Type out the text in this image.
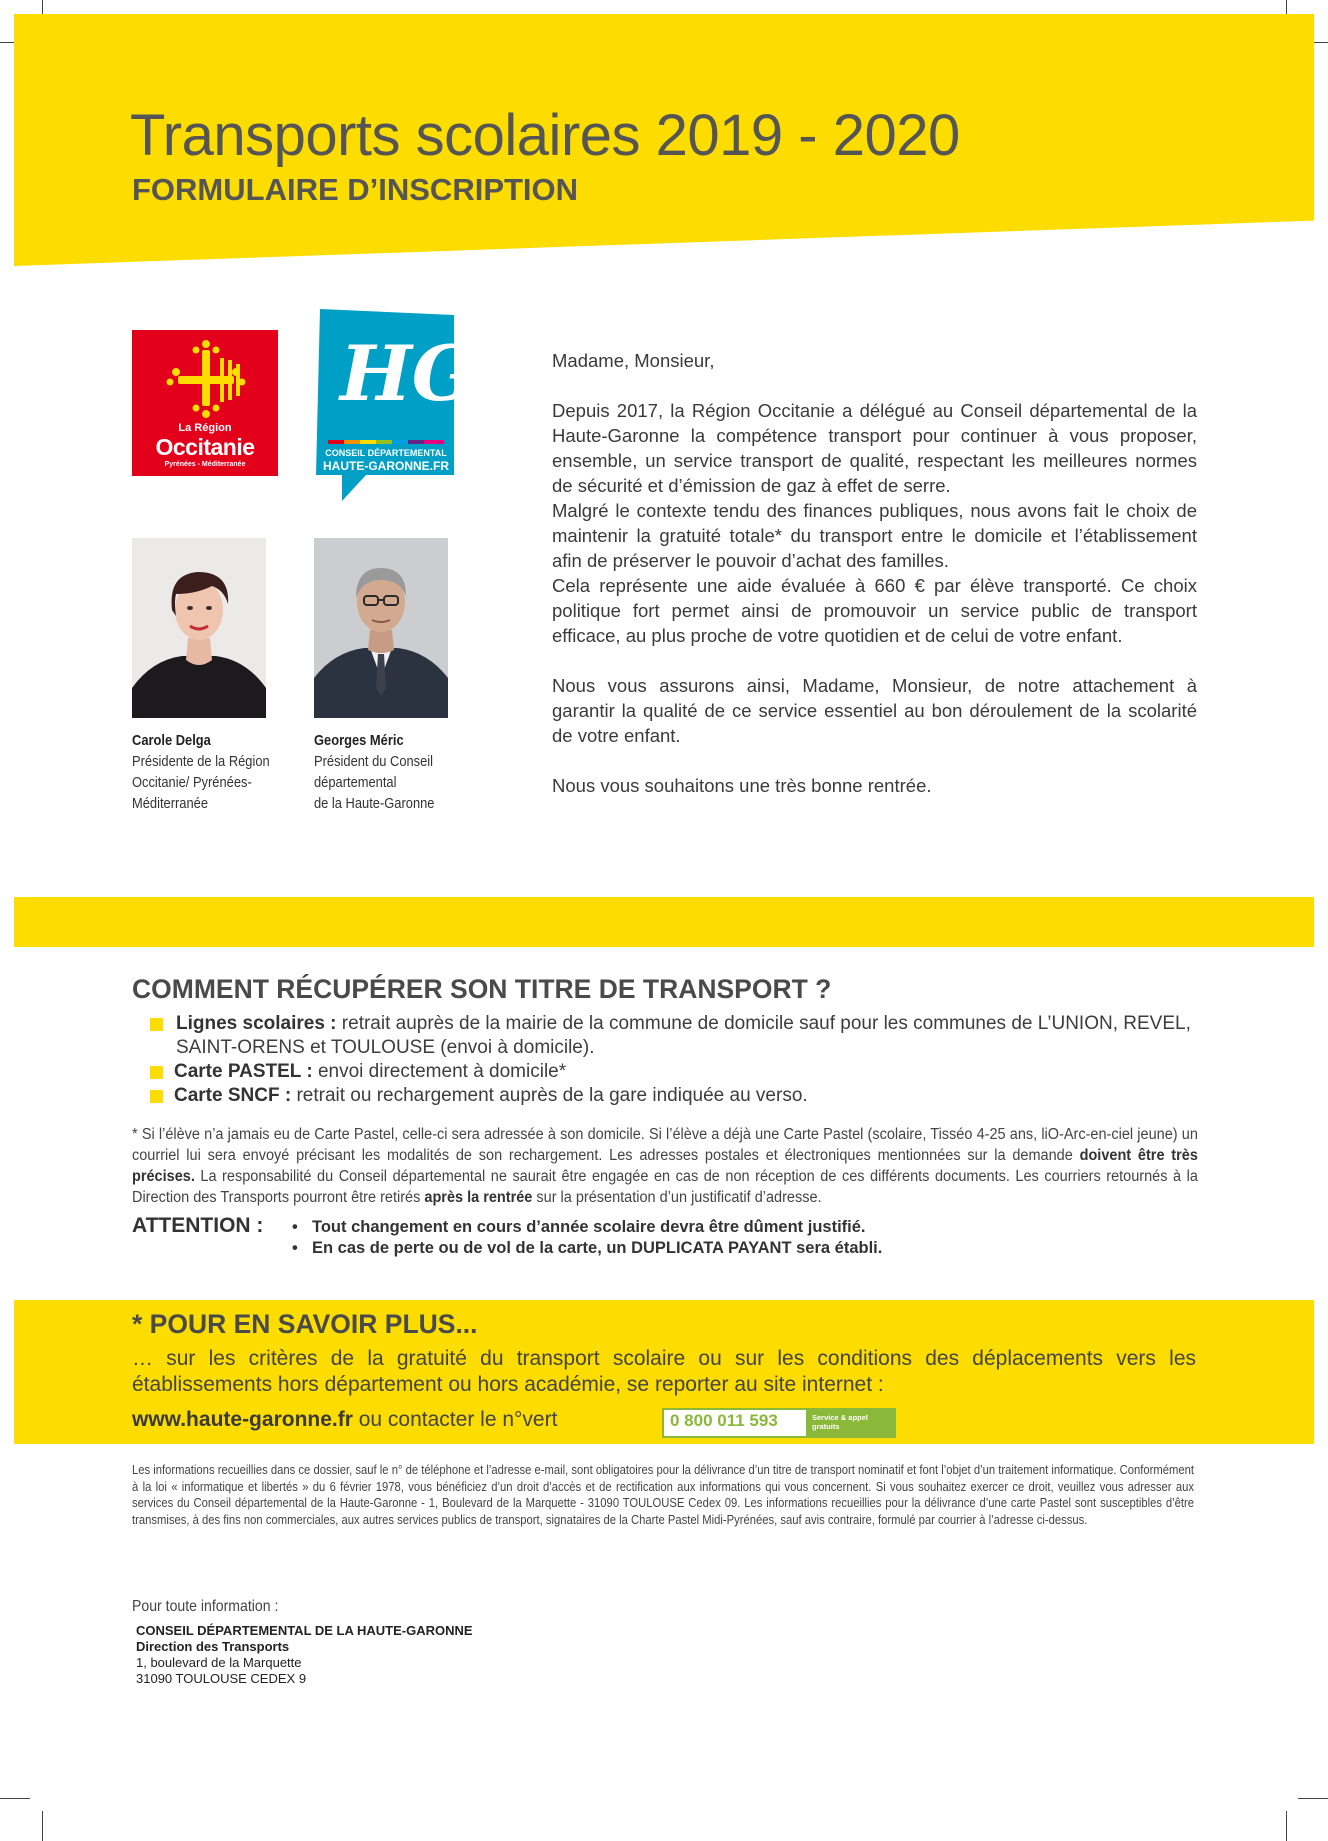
Transports scolaires 2019 - 2020
FORMULAIRE D’INSCRIPTION
La Région
Occitanie
Pyrénées - Méditerranée
HG
CONSEIL DÉPARTEMENTAL
HAUTE-GARONNE.FR
Carole Delga
Présidente de la Région
Occitanie/ Pyrénées-
Méditerranée
Georges Méric
Président du Conseil
départemental
de la Haute-Garonne

Madame, Monsieur,

Depuis 2017, la Région Occitanie a délégué au Conseil départemental de la Haute-Garonne la compétence transport pour continuer à vous proposer, ensemble, un service transport de qualité, respectant les meilleures normes de sécurité et d’émission de gaz à effet de serre.

Malgré le contexte tendu des finances publiques, nous avons fait le choix de maintenir la gratuité totale* du transport entre le domicile et l’établissement afin de préserver le pouvoir d’achat des familles.

Cela représente une aide évaluée à 660 € par élève transporté. Ce choix politique fort permet ainsi de promouvoir un service public de transport efficace, au plus proche de votre quotidien et de celui de votre enfant.

Nous vous assurons ainsi, Madame, Monsieur, de notre attachement à garantir la qualité de ce service essentiel au bon déroulement de la scolarité de votre enfant.

Nous vous souhaitons une très bonne rentrée.

COMMENT RÉCUPÉRER SON TITRE DE TRANSPORT ?
Lignes scolaires : retrait auprès de la mairie de la commune de domicile sauf pour les communes de L’UNION, REVEL, SAINT-ORENS et TOULOUSE (envoi à domicile).
Carte PASTEL : envoi directement à domicile*
Carte SNCF : retrait ou rechargement auprès de la gare indiquée au verso.
* Si l’élève n’a jamais eu de Carte Pastel, celle-ci sera adressée à son domicile. Si l’élève a déjà une Carte Pastel (scolaire, Tisséo 4-25 ans, liO-Arc-en-ciel jeune) un courriel lui sera envoyé précisant les modalités de son rechargement. Les adresses postales et électroniques mentionnées sur la demande doivent être très précises. La responsabilité du Conseil départemental ne saurait être engagée en cas de non réception de ces différents documents. Les courriers retournés à la Direction des Transports pourront être retirés après la rentrée sur la présentation d’un justificatif d’adresse.
ATTENTION : • Tout changement en cours d’année scolaire devra être dûment justifié.
• En cas de perte ou de vol de la carte, un DUPLICATA PAYANT sera établi.
* POUR EN SAVOIR PLUS...
… sur les critères de la gratuité du transport scolaire ou sur les conditions des déplacements vers les établissements hors département ou hors académie, se reporter au site internet :
www.haute-garonne.fr ou contacter le n°vert	0 800 011 593	Service & appel gratuits
Les informations recueillies dans ce dossier, sauf le n° de téléphone et l’adresse e-mail, sont obligatoires pour la délivrance d’un titre de transport nominatif et font l’objet d’un traitement informatique. Conformément à la loi « informatique et libertés » du 6 février 1978, vous bénéficiez d’un droit d’accès et de rectification aux informations qui vous concernent. Si vous souhaitez exercer ce droit, veuillez vous adresser aux services du Conseil départemental de la Haute-Garonne - 1, Boulevard de la Marquette - 31090 TOULOUSE Cedex 09. Les informations recueillies pour la délivrance d’une carte Pastel sont susceptibles d’être transmises, à des fins non commerciales, aux autres services publics de transport, signataires de la Charte Pastel Midi-Pyrénées, sauf avis contraire, formulé par courrier à l’adresse ci-dessus.
Pour toute information :
CONSEIL DÉPARTEMENTAL DE LA HAUTE-GARONNE
Direction des Transports
1, boulevard de la Marquette
31090 TOULOUSE CEDEX 9
